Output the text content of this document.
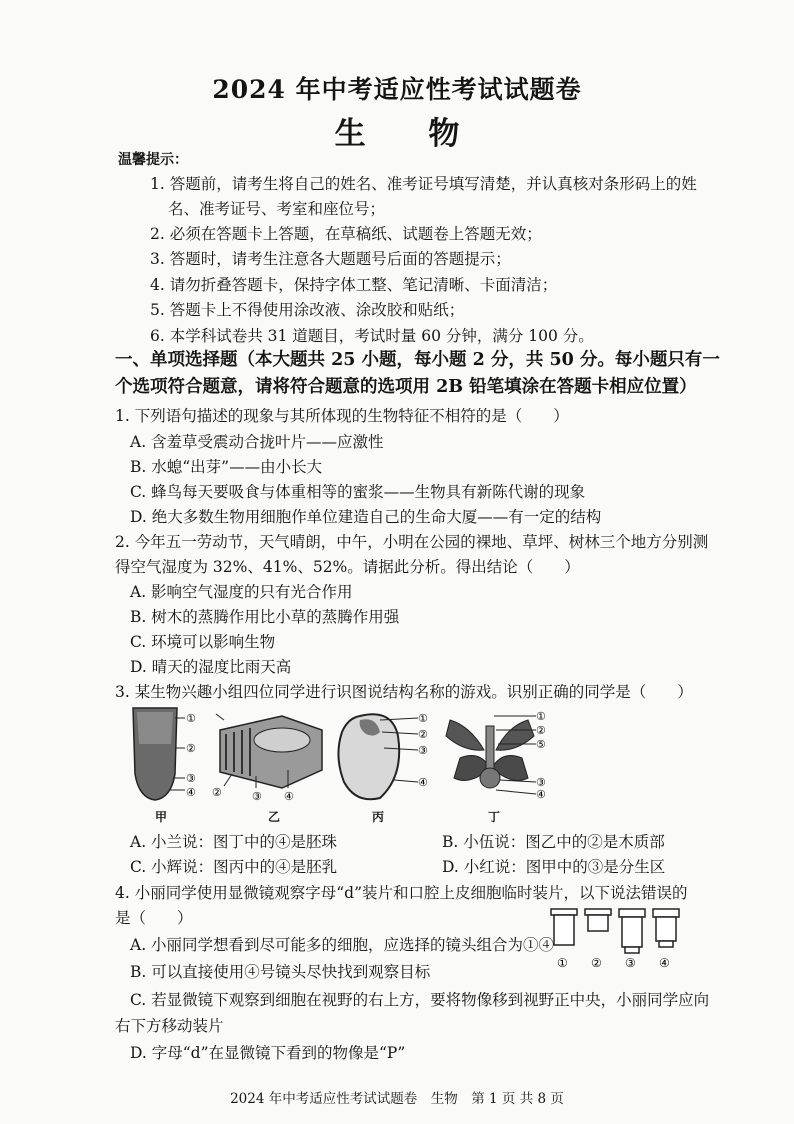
2024 年中考适应性考试试题卷
生 物
温馨提示：
1. 答题前，请考生将自己的姓名、准考证号填写清楚，并认真核对条形码上的姓
名、准考证号、考室和座位号；
2. 必须在答题卡上答题，在草稿纸、试题卷上答题无效；
3. 答题时，请考生注意各大题题号后面的答题提示；
4. 请勿折叠答题卡，保持字体工整、笔记清晰、卡面清洁；
5. 答题卡上不得使用涂改液、涂改胶和贴纸；
6. 本学科试卷共 31 道题目，考试时量 60 分钟，满分 100 分。
一、单项选择题（本大题共 25 小题，每小题 2 分，共 50 分。每小题只有一
个选项符合题意，请将符合题意的选项用 2B 铅笔填涂在答题卡相应位置）
1. 下列语句描述的现象与其所体现的生物特征不相符的是（　　）
A. 含羞草受震动合拢叶片——应激性
B. 水螅“出芽”——由小长大
C. 蜂鸟每天要吸食与体重相等的蜜浆——生物具有新陈代谢的现象
D. 绝大多数生物用细胞作单位建造自己的生命大厦——有一定的结构
2. 今年五一劳动节，天气晴朗，中午，小明在公园的裸地、草坪、树林三个地方分别测
得空气湿度为 32%、41%、52%。请据此分析。得出结论（　　）
A. 影响空气湿度的只有光合作用
B. 树木的蒸腾作用比小草的蒸腾作用强
C. 环境可以影响生物
D. 晴天的湿度比雨天高
3. 某生物兴趣小组四位同学进行识图说结构名称的游戏。识别正确的同学是（　　）
①
②
③
④
甲
②	③ ④
乙
①
②
③
④
丙
①
②
⑤
③
④
丁
A. 小兰说：图丁中的④是胚珠	B. 小伍说：图乙中的②是木质部
C. 小辉说：图丙中的④是胚乳	D. 小红说：图甲中的③是分生区
4. 小丽同学使用显微镜观察字母“d”装片和口腔上皮细胞临时装片，以下说法错误的
是（　　）
① ② ③ ④
A. 小丽同学想看到尽可能多的细胞，应选择的镜头组合为①④
B. 可以直接使用④号镜头尽快找到观察目标
C. 若显微镜下观察到细胞在视野的右上方，要将物像移到视野正中央，小丽同学应向
右下方移动装片
D. 字母“d”在显微镜下看到的物像是“P”
2024 年中考适应性考试试题卷　生物　第 1 页 共 8 页
